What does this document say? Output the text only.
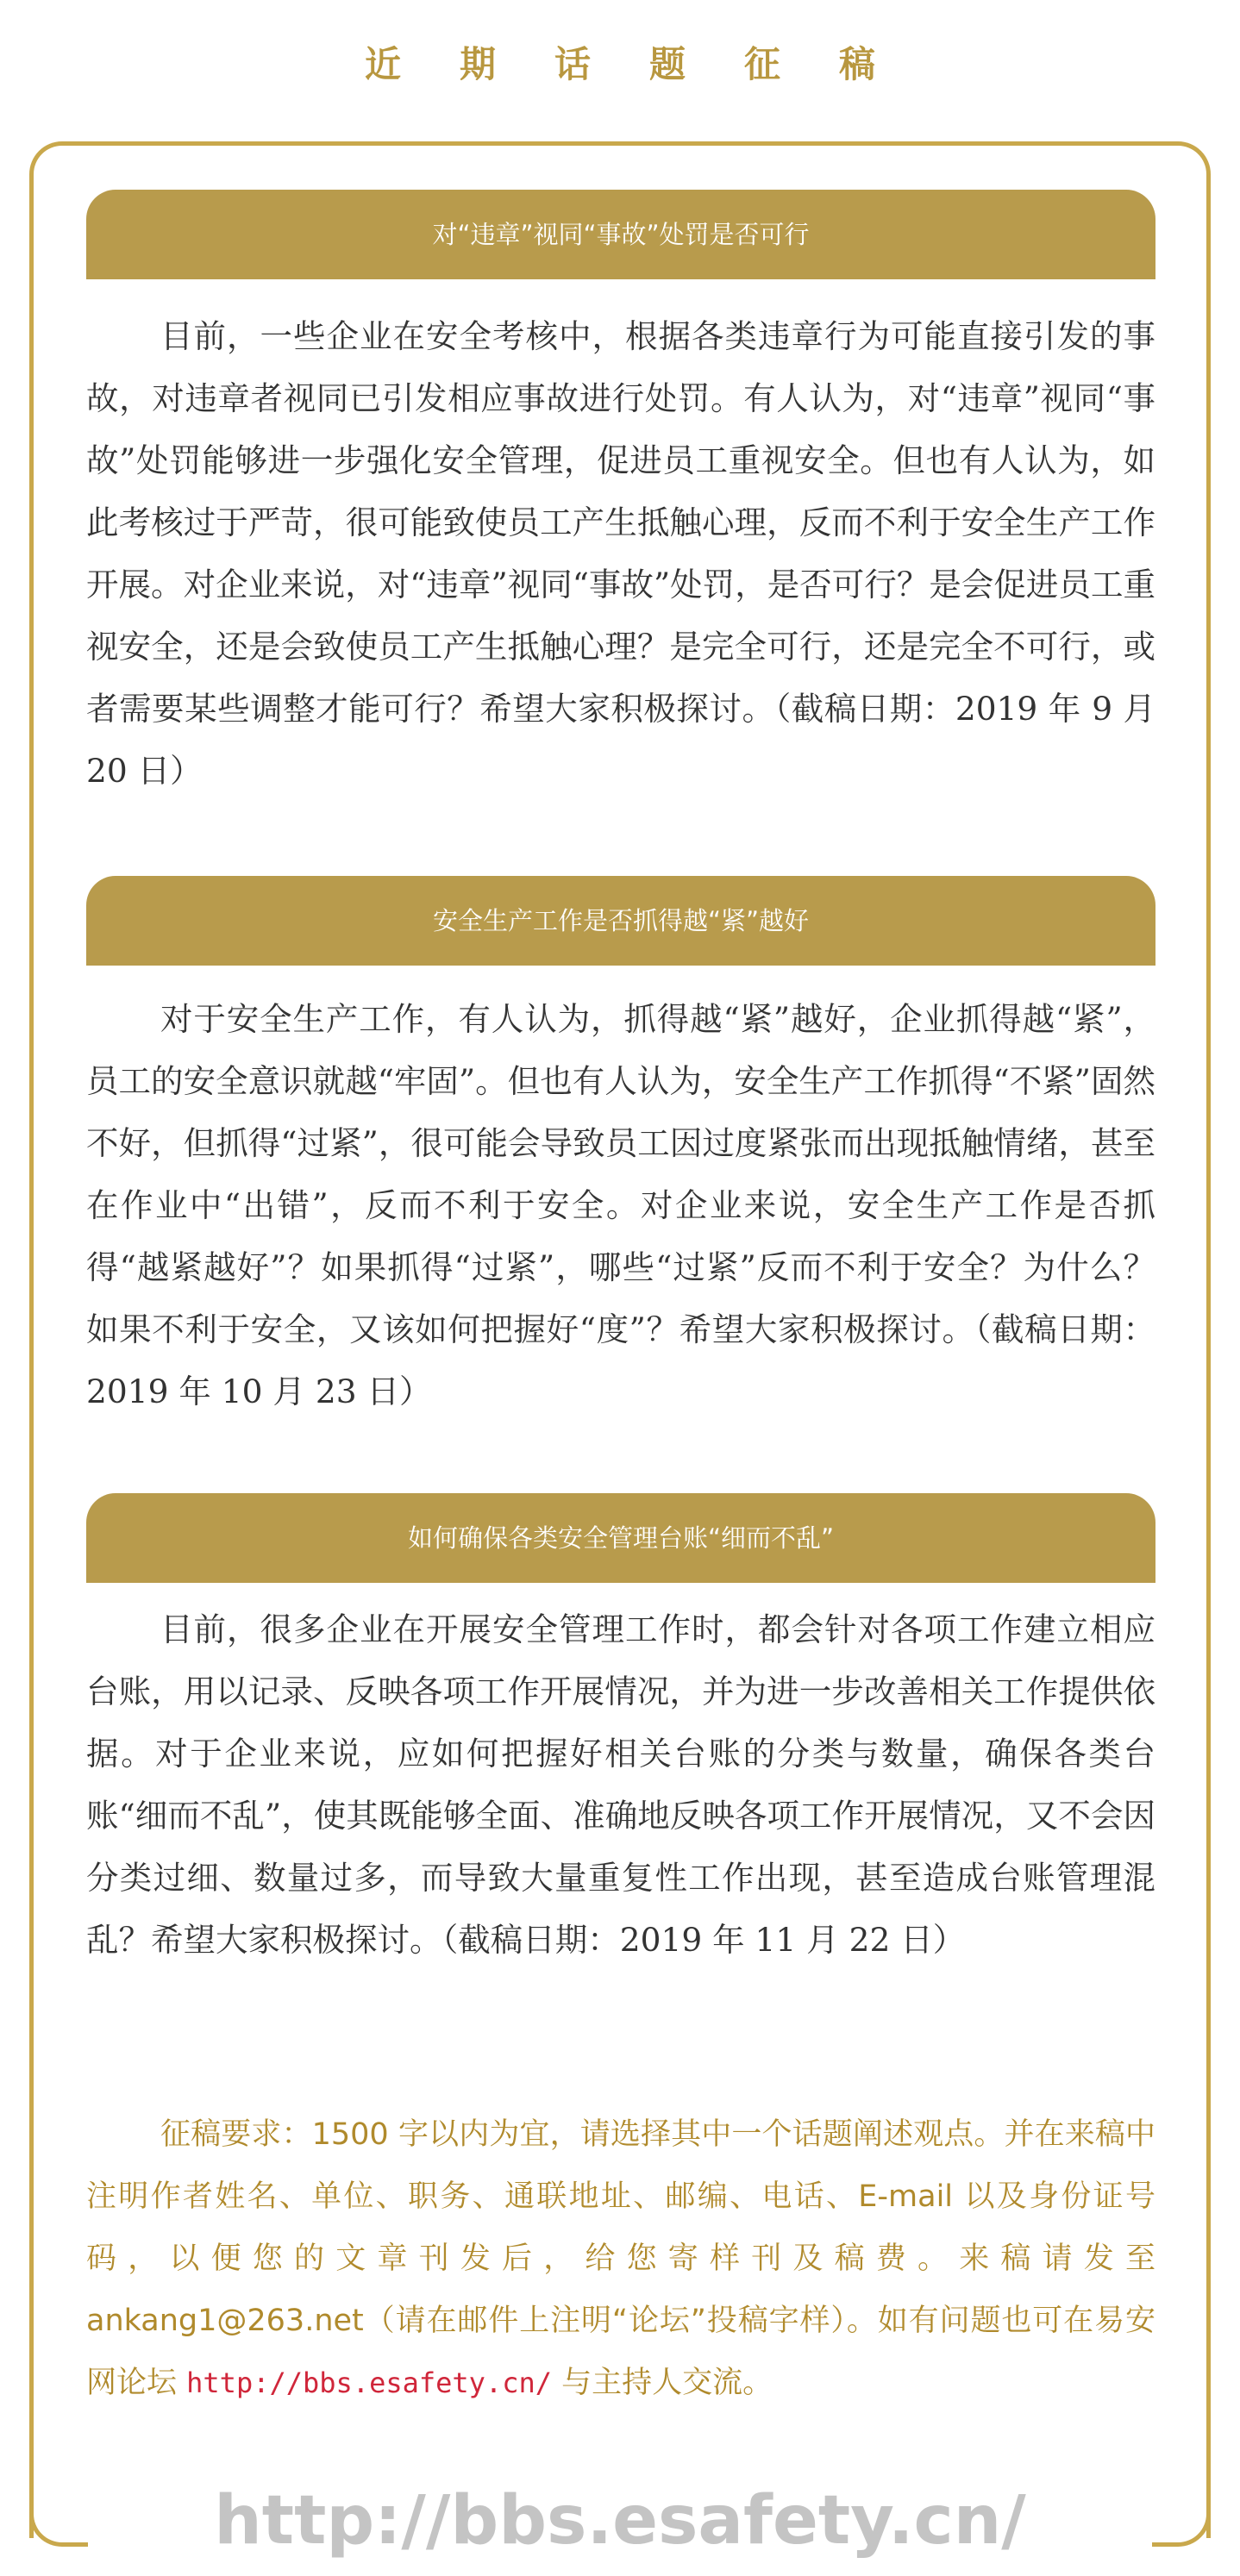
近期话题征稿
对“违章”视同“事故”处罚是否可行

目前，一些企业在安全考核中，根据各类违章行为可能直接引发的事故，对违章者视同已引发相应事故进行处罚。有人认为，对“违章”视同“事故”处罚能够进一步强化安全管理，促进员工重视安全。但也有人认为，如此考核过于严苛，很可能致使员工产生抵触心理，反而不利于安全生产工作开展。对企业来说，对“违章”视同“事故”处罚，是否可行？是会促进员工重视安全，还是会致使员工产生抵触心理？是完全可行，还是完全不可行，或者需要某些调整才能可行？希望大家积极探讨。（截稿日期：2019 年 9 月 20 日）

安全生产工作是否抓得越“紧”越好

对于安全生产工作，有人认为，抓得越“紧”越好，企业抓得越“紧”，员工的安全意识就越“牢固”。但也有人认为，安全生产工作抓得“不紧”固然不好，但抓得“过紧”，很可能会导致员工因过度紧张而出现抵触情绪，甚至在作业中“出错”，反而不利于安全。对企业来说，安全生产工作是否抓得“越紧越好”？如果抓得“过紧”，哪些“过紧”反而不利于安全？为什么？如果不利于安全，又该如何把握好“度”？希望大家积极探讨。（截稿日期：2019 年 10 月 23 日）

如何确保各类安全管理台账“细而不乱”

目前，很多企业在开展安全管理工作时，都会针对各项工作建立相应台账，用以记录、反映各项工作开展情况，并为进一步改善相关工作提供依据。对于企业来说，应如何把握好相关台账的分类与数量，确保各类台账“细而不乱”，使其既能够全面、准确地反映各项工作开展情况，又不会因分类过细、数量过多，而导致大量重复性工作出现，甚至造成台账管理混乱？希望大家积极探讨。（截稿日期：2019 年 11 月 22 日）

征稿要求：1500 字以内为宜，请选择其中一个话题阐述观点。并在来稿中注明作者姓名、单位、职务、通联地址、邮编、电话、E-mail 以及身份证号码，以便您的文章刊发后，给您寄样刊及稿费。来稿请发至 ankang1@263.net（请在邮件上注明“论坛”投稿字样）。如有问题也可在易安网论坛 http://bbs.esafety.cn/ 与主持人交流。

http://bbs.esafety.cn/
